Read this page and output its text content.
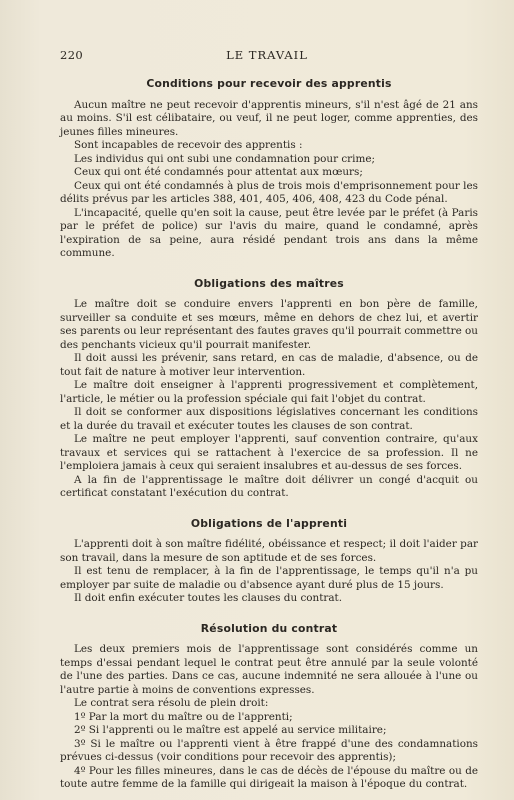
220	LE TRAVAIL
Conditions pour recevoir des apprentis

Aucun maître ne peut recevoir d'apprentis mineurs, s'il n'est âgé de 21 ans au moins. S'il est célibataire, ou veuf, il ne peut loger, comme apprenties, des jeunes filles mineures.

Sont incapables de recevoir des apprentis :

Les individus qui ont subi une condamnation pour crime;

Ceux qui ont été condamnés pour attentat aux mœurs;

Ceux qui ont été condamnés à plus de trois mois d'emprisonnement pour les délits prévus par les articles 388, 401, 405, 406, 408, 423 du Code pénal.

L'incapacité, quelle qu'en soit la cause, peut être levée par le préfet (à Paris par le préfet de police) sur l'avis du maire, quand le condamné, après l'expiration de sa peine, aura résidé pendant trois ans dans la même commune.

Obligations des maîtres

Le maître doit se conduire envers l'apprenti en bon père de famille, surveiller sa conduite et ses mœurs, même en dehors de chez lui, et avertir ses parents ou leur représentant des fautes graves qu'il pourrait commettre ou des penchants vicieux qu'il pourrait manifester.

Il doit aussi les prévenir, sans retard, en cas de maladie, d'absence, ou de tout fait de nature à motiver leur intervention.

Le maître doit enseigner à l'apprenti progressivement et complètement, l'article, le métier ou la profession spéciale qui fait l'objet du contrat.

Il doit se conformer aux dispositions législatives concernant les conditions et la durée du travail et exécuter toutes les clauses de son contrat.

Le maître ne peut employer l'apprenti, sauf convention contraire, qu'aux travaux et services qui se rattachent à l'exercice de sa profession. Il ne l'emploiera jamais à ceux qui seraient insalubres et au-dessus de ses forces.

A la fin de l'apprentissage le maître doit délivrer un congé d'acquit ou certificat constatant l'exécution du contrat.

Obligations de l'apprenti

L'apprenti doit à son maître fidélité, obéissance et respect; il doit l'aider par son travail, dans la mesure de son aptitude et de ses forces.

Il est tenu de remplacer, à la fin de l'apprentissage, le temps qu'il n'a pu employer par suite de maladie ou d'absence ayant duré plus de 15 jours.

Il doit enfin exécuter toutes les clauses du contrat.

Résolution du contrat

Les deux premiers mois de l'apprentissage sont considérés comme un temps d'essai pendant lequel le contrat peut être annulé par la seule volonté de l'une des parties. Dans ce cas, aucune indemnité ne sera allouée à l'une ou l'autre partie à moins de conventions expresses.

Le contrat sera résolu de plein droit:

1º Par la mort du maître ou de l'apprenti;

2º Si l'apprenti ou le maître est appelé au service militaire;

3º Si le maître ou l'apprenti vient à être frappé d'une des condamnations prévues ci-dessus (voir conditions pour recevoir des apprentis);

4º Pour les filles mineures, dans le cas de décès de l'épouse du maître ou de toute autre femme de la famille qui dirigeait la maison à l'époque du contrat.
